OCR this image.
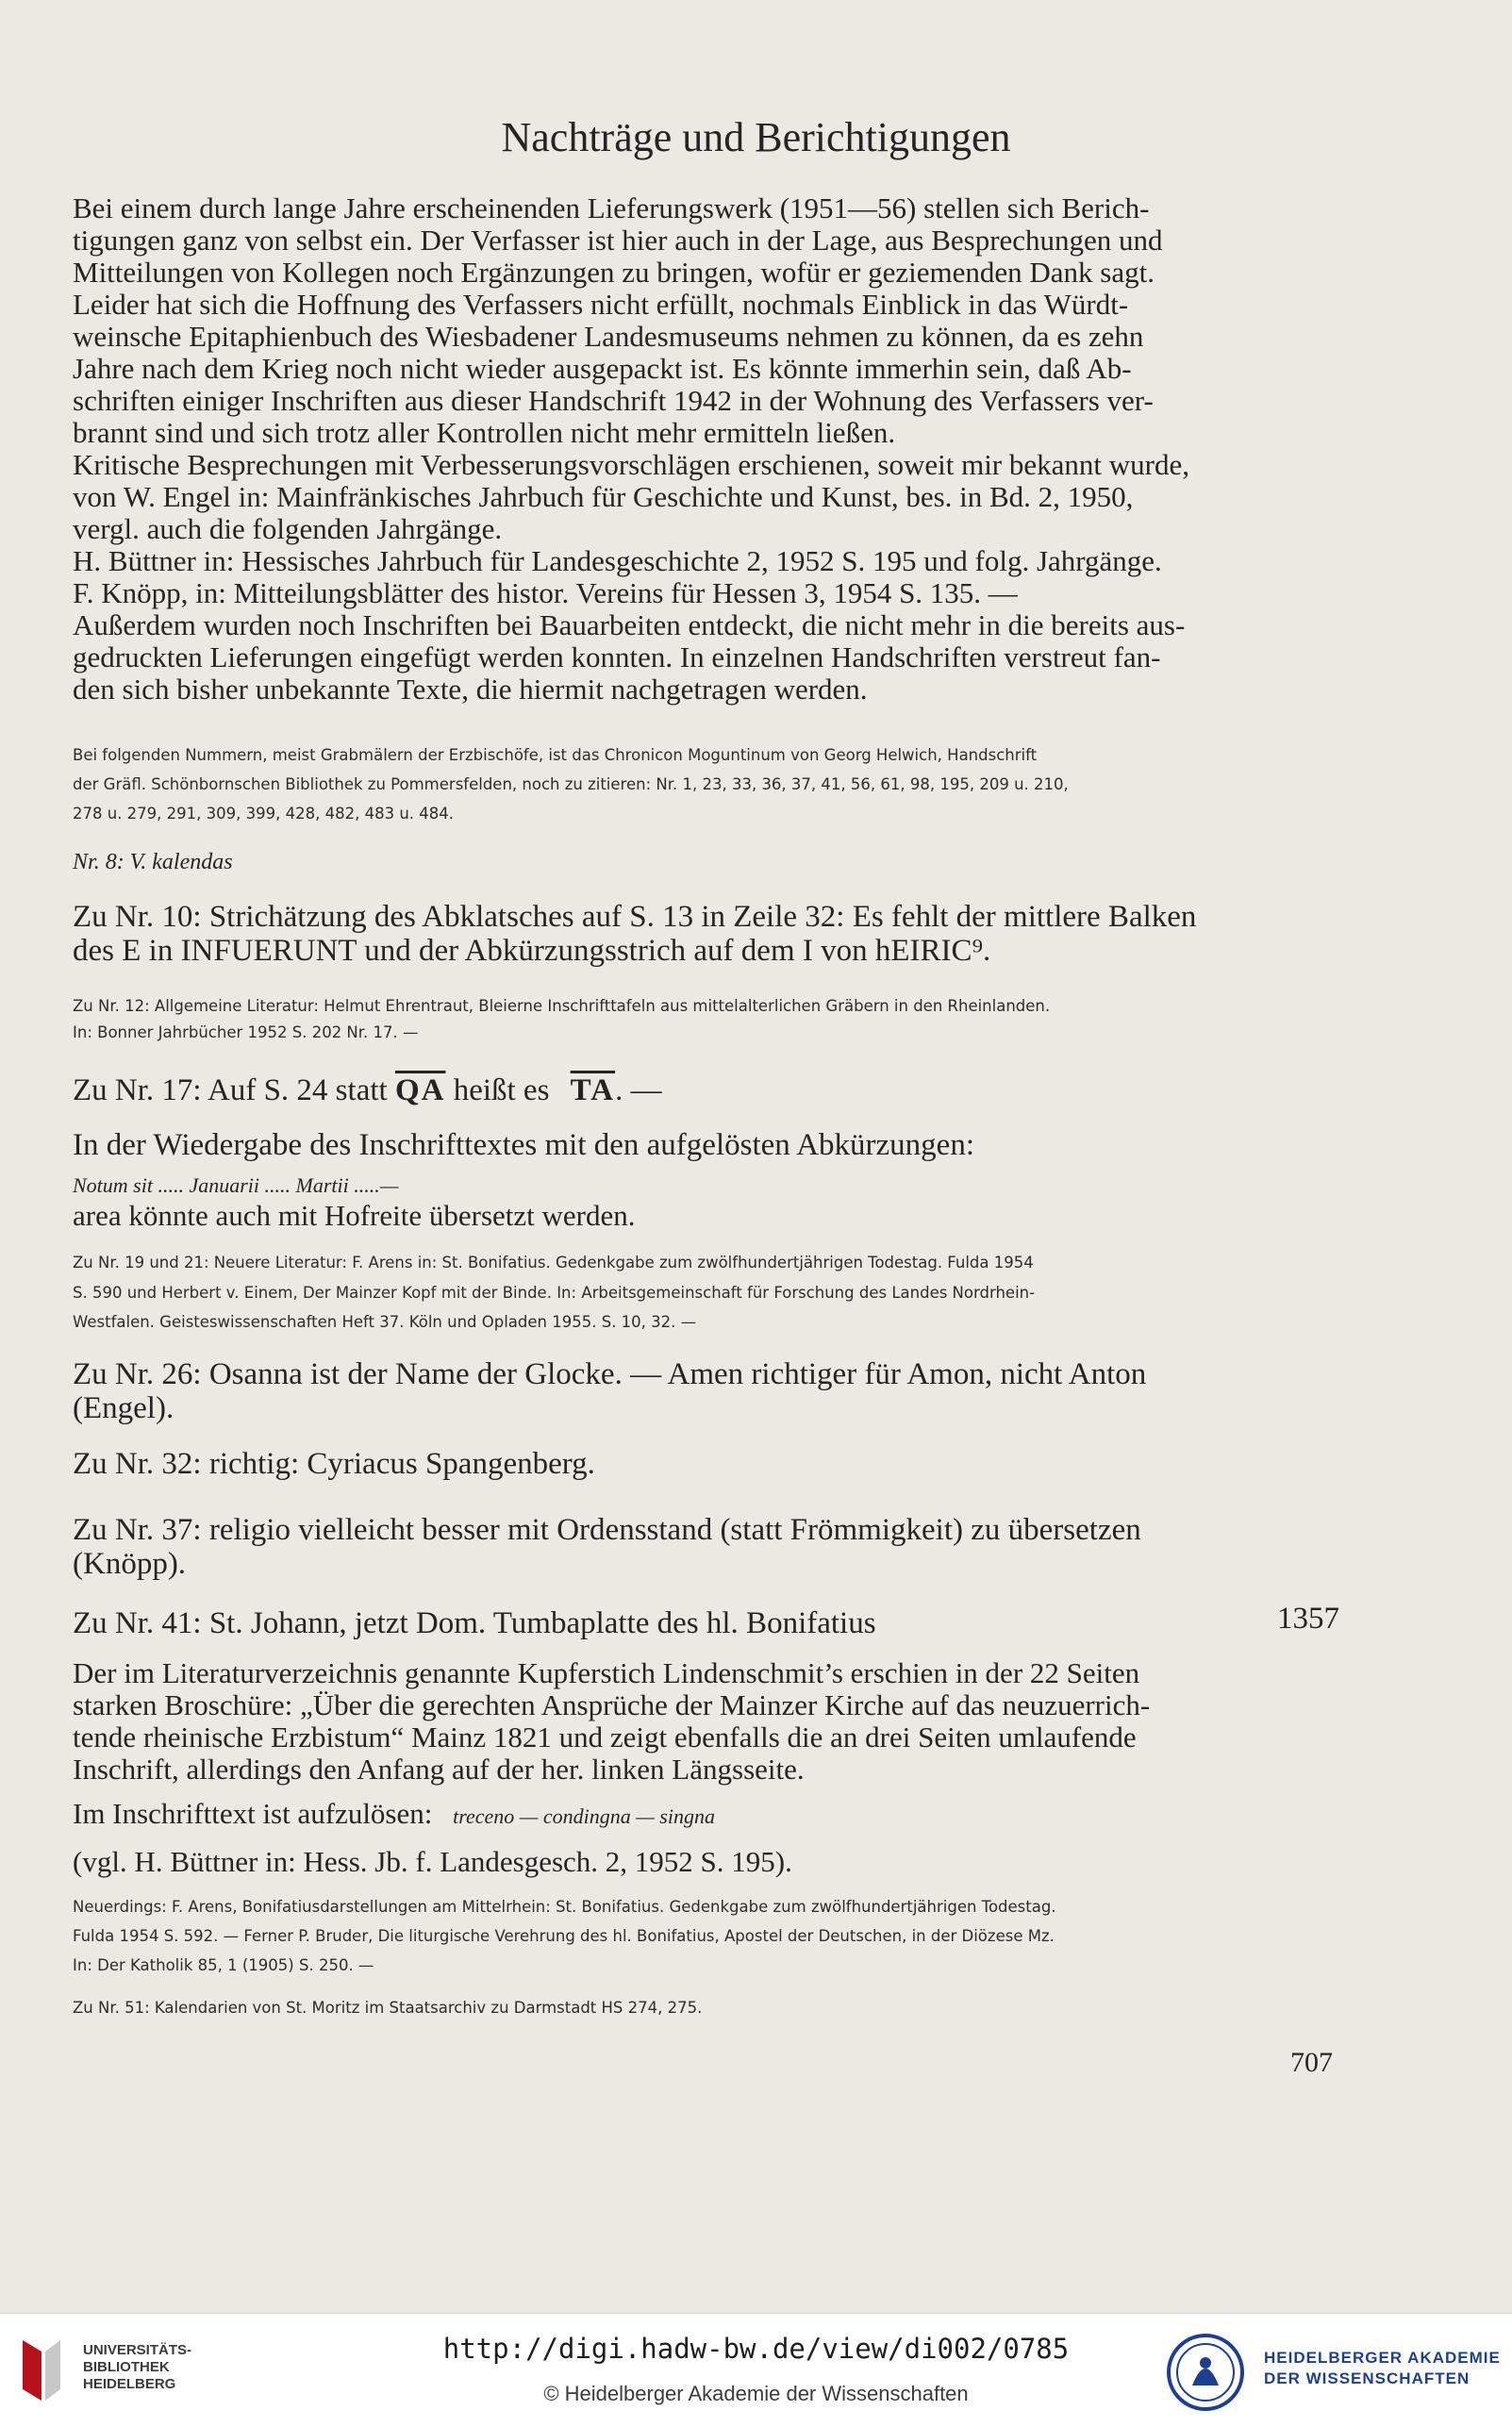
Nachträge und Berichtigungen
Bei einem durch lange Jahre erscheinenden Lieferungswerk (1951—56) stellen sich Berich-
tigungen ganz von selbst ein. Der Verfasser ist hier auch in der Lage, aus Besprechungen und
Mitteilungen von Kollegen noch Ergänzungen zu bringen, wofür er geziemenden Dank sagt.
Leider hat sich die Hoffnung des Verfassers nicht erfüllt, nochmals Einblick in das Würdt-
weinsche Epitaphienbuch des Wiesbadener Landesmuseums nehmen zu können, da es zehn
Jahre nach dem Krieg noch nicht wieder ausgepackt ist. Es könnte immerhin sein, daß Ab-
schriften einiger Inschriften aus dieser Handschrift 1942 in der Wohnung des Verfassers ver-
brannt sind und sich trotz aller Kontrollen nicht mehr ermitteln ließen.
Kritische Besprechungen mit Verbesserungsvorschlägen erschienen, soweit mir bekannt wurde,
von W. Engel in: Mainfränkisches Jahrbuch für Geschichte und Kunst, bes. in Bd. 2, 1950,
vergl. auch die folgenden Jahrgänge.
H. Büttner in: Hessisches Jahrbuch für Landesgeschichte 2, 1952 S. 195 und folg. Jahrgänge.
F. Knöpp, in: Mitteilungsblätter des histor. Vereins für Hessen 3, 1954 S. 135. —
Außerdem wurden noch Inschriften bei Bauarbeiten entdeckt, die nicht mehr in die bereits aus-
gedruckten Lieferungen eingefügt werden konnten. In einzelnen Handschriften verstreut fan-
den sich bisher unbekannte Texte, die hiermit nachgetragen werden.
Bei folgenden Nummern, meist Grabmälern der Erzbischöfe, ist das Chronicon Moguntinum von Georg Helwich, Handschrift
der Gräfl. Schönbornschen Bibliothek zu Pommersfelden, noch zu zitieren: Nr. 1, 23, 33, 36, 37, 41, 56, 61, 98, 195, 209 u. 210,
278 u. 279, 291, 309, 399, 428, 482, 483 u. 484.
Nr. 8: V. kalendas
Zu Nr. 10: Strichätzung des Abklatsches auf S. 13 in Zeile 32: Es fehlt der mittlere Balken
des E in INFUERUNT und der Abkürzungsstrich auf dem I von hEIRIC⁹.
Zu Nr. 12: Allgemeine Literatur: Helmut Ehrentraut, Bleierne Inschrifttafeln aus mittelalterlichen Gräbern in den Rheinlanden.
In: Bonner Jahrbücher 1952 S. 202 Nr. 17. —
Zu Nr. 17: Auf S. 24 statt $\overline{QA}$ heißt es $\overline{TA}$. —
In der Wiedergabe des Inschrifttextes mit den aufgelösten Abkürzungen:
Notum sit ..... Januarii ..... Martii .....—
area könnte auch mit Hofreite übersetzt werden.
Zu Nr. 19 und 21: Neuere Literatur: F. Arens in: St. Bonifatius. Gedenkgabe zum zwölfhundertjährigen Todestag. Fulda 1954
S. 590 und Herbert v. Einem, Der Mainzer Kopf mit der Binde. In: Arbeitsgemeinschaft für Forschung des Landes Nordrhein-
Westfalen. Geisteswissenschaften Heft 37. Köln und Opladen 1955. S. 10, 32. —
Zu Nr. 26: Osanna ist der Name der Glocke. — Amen richtiger für Amon, nicht Anton
(Engel).
Zu Nr. 32: richtig: Cyriacus Spangenberg.
Zu Nr. 37: religio vielleicht besser mit Ordensstand (statt Frömmigkeit) zu übersetzen
(Knöpp).
Zu Nr. 41: St. Johann, jetzt Dom. Tumbaplatte des hl. Bonifatius	1357
Der im Literaturverzeichnis genannte Kupferstich Lindenschmit’s erschien in der 22 Seiten
starken Broschüre: „Über die gerechten Ansprüche der Mainzer Kirche auf das neuzuerrich-
tende rheinische Erzbistum“ Mainz 1821 und zeigt ebenfalls die an drei Seiten umlaufende
Inschrift, allerdings den Anfang auf der her. linken Längsseite.
Im Inschrifttext ist aufzulösen: treceno — condingna — singna
(vgl. H. Büttner in: Hess. Jb. f. Landesgesch. 2, 1952 S. 195).
Neuerdings: F. Arens, Bonifatiusdarstellungen am Mittelrhein: St. Bonifatius. Gedenkgabe zum zwölfhundertjährigen Todestag.
Fulda 1954 S. 592. — Ferner P. Bruder, Die liturgische Verehrung des hl. Bonifatius, Apostel der Deutschen, in der Diözese Mz.
In: Der Katholik 85, 1 (1905) S. 250. —
Zu Nr. 51: Kalendarien von St. Moritz im Staatsarchiv zu Darmstadt HS 274, 275.
707
UNIVERSITÄTS-
BIBLIOTHEK
HEIDELBERG
http://digi.hadw-bw.de/view/di002/0785
© Heidelberger Akademie der Wissenschaften
HEIDELBERGER AKADEMIE
DER WISSENSCHAFTEN
